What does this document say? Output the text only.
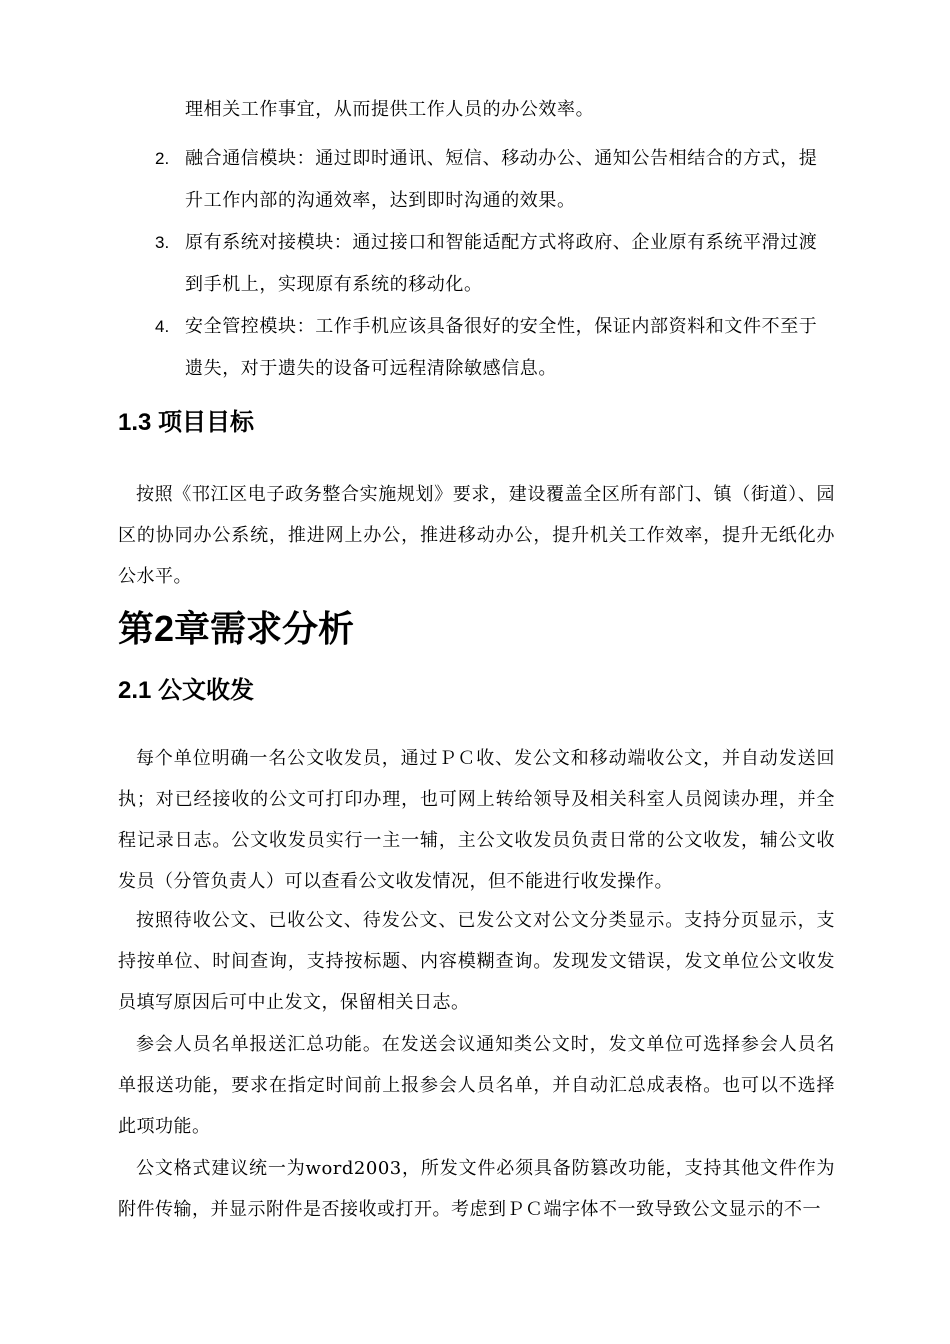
理相关工作事宜，从而提供工作人员的办公效率。

2. 融合通信模块：通过即时通讯、短信、移动办公、通知公告相结合的方式，提升工作内部的沟通效率，达到即时沟通的效果。
3. 原有系统对接模块：通过接口和智能适配方式将政府、企业原有系统平滑过渡到手机上，实现原有系统的移动化。
4. 安全管控模块：工作手机应该具备很好的安全性，保证内部资料和文件不至于遗失，对于遗失的设备可远程清除敏感信息。
1.3 项目目标

按照《邗江区电子政务整合实施规划》要求，建设覆盖全区所有部门、镇（街道）、园区的协同办公系统，推进网上办公，推进移动办公，提升机关工作效率，提升无纸化办公水平。

第2章需求分析
2.1 公文收发

每个单位明确一名公文收发员，通过ＰＣ收、发公文和移动端收公文，并自动发送回执；对已经接收的公文可打印办理，也可网上转给领导及相关科室人员阅读办理，并全程记录日志。公文收发员实行一主一辅，主公文收发员负责日常的公文收发，辅公文收发员（分管负责人）可以查看公文收发情况，但不能进行收发操作。

按照待收公文、已收公文、待发公文、已发公文对公文分类显示。支持分页显示，支持按单位、时间查询，支持按标题、内容模糊查询。发现发文错误，发文单位公文收发员填写原因后可中止发文，保留相关日志。

参会人员名单报送汇总功能。在发送会议通知类公文时，发文单位可选择参会人员名单报送功能，要求在指定时间前上报参会人员名单，并自动汇总成表格。也可以不选择此项功能。

公文格式建议统一为word2003，所发文件必须具备防篡改功能，支持其他文件作为附件传输，并显示附件是否接收或打开。考虑到ＰＣ端字体不一致导致公文显示的不一
